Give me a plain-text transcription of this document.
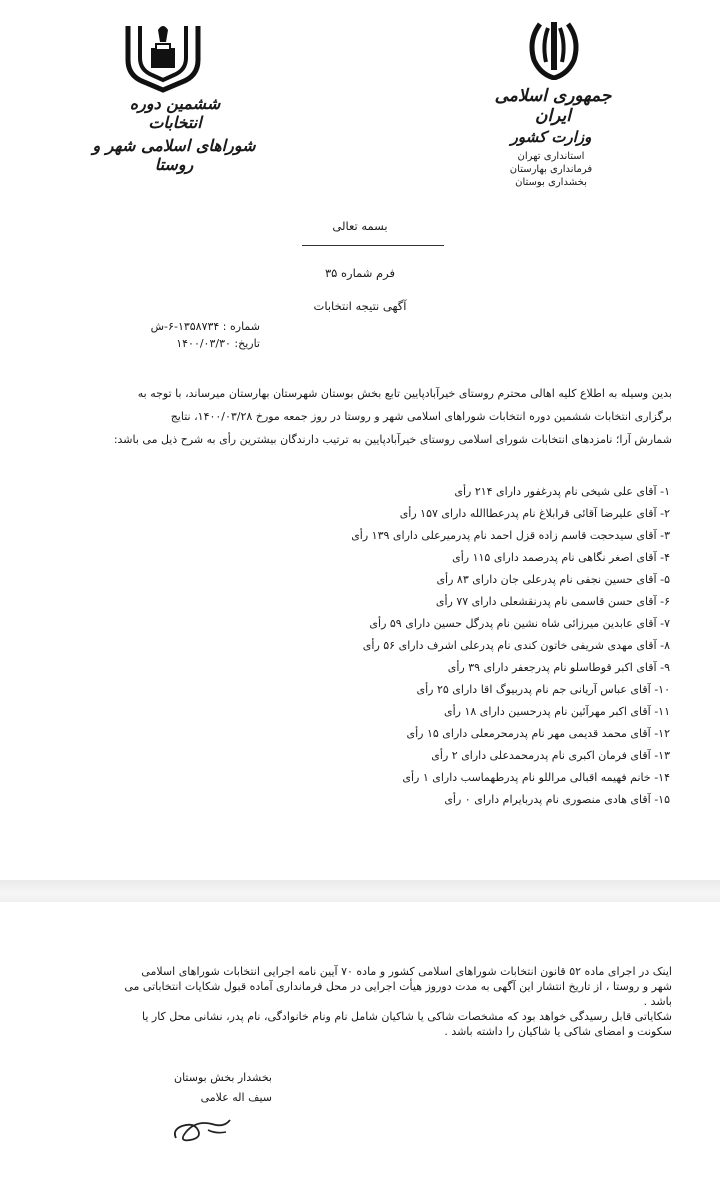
ششمین دوره انتخابات
شوراهای اسلامی شهر و روستا
جمهوری اسلامی ایران
وزارت کشور
استانداری تهران
فرمانداری بهارستان
بخشداری بوستان
بسمه تعالی
فرم شماره ۳۵
آگهی نتیجه انتخابات
شماره : ۱۳۵۸۷۳۴-۶-ش
تاریخ: ۱۴۰۰/۰۳/۳۰
بدین وسیله به اطلاع کلیه اهالی محترم روستای خیرآبادپایین تابع بخش بوستان شهرستان بهارستان میرساند، با توجه به
برگزاری انتخابات ششمین دوره انتخابات شوراهای اسلامی شهر و روستا در روز جمعه مورخ ۱۴۰۰/۰۳/۲۸، نتایج
شمارش آرا؛ نامزدهای انتخابات شورای اسلامی روستای خیرآبادپایین به ترتیب دارندگان بیشترین رأی به شرح ذیل می باشد:
۱- آقای علی شیخی نام پدرغفور دارای ۲۱۴ رأی
۲- آقای علیرضا آقائی قرابلاغ نام پدرعطاالله دارای ۱۵۷ رأی
۳- آقای سیدحجت قاسم زاده قزل احمد نام پدرمیرعلی دارای ۱۳۹ رأی
۴- آقای اصغر نگاهی نام پدرصمد دارای ۱۱۵ رأی
۵- آقای حسین نجفی نام پدرعلی جان دارای ۸۳ رأی
۶- آقای حسن قاسمی نام پدرنقشعلی دارای ۷۷ رأی
۷- آقای عابدین میرزائی شاه نشین نام پدرگل حسین دارای ۵۹ رأی
۸- آقای مهدی شریفی خاتون کندی نام پدرعلی اشرف دارای ۵۶ رأی
۹- آقای اکبر قوطاسلو نام پدرجعفر دارای ۳۹ رأی
۱۰- آقای عباس آریانی جم نام پدربیوگ اقا دارای ۲۵ رأی
۱۱- آقای اکبر مهرآئین نام پدرحسین دارای ۱۸ رأی
۱۲- آقای محمد قدیمی مهر نام پدرمحرمعلی دارای ۱۵ رأی
۱۳- آقای فرمان اکبری نام پدرمحمدعلی دارای ۲ رأی
۱۴- خانم فهیمه اقبالی مراللو نام پدرطهماسب دارای ۱ رأی
۱۵- آقای هادی منصوری نام پدربایرام دارای ۰ رأی
اینک در اجرای ماده ۵۲ قانون انتخابات شوراهای اسلامی کشور و ماده ۷۰ آیین نامه اجرایی انتخابات شوراهای اسلامی
شهر و روستا ، از تاریخ انتشار این آگهی به مدت دوروز هیأت اجرایی در محل فرمانداری آماده قبول شکایات انتخاباتی می
باشد .
شکایاتی قابل رسیدگی خواهد بود که مشخصات شاکی یا شاکیان شامل نام ونام خانوادگی، نام پدر، نشانی محل کار یا
سکونت و امضای شاکی یا شاکیان را داشته باشد .
بخشدار بخش بوستان
سیف اله علامی
